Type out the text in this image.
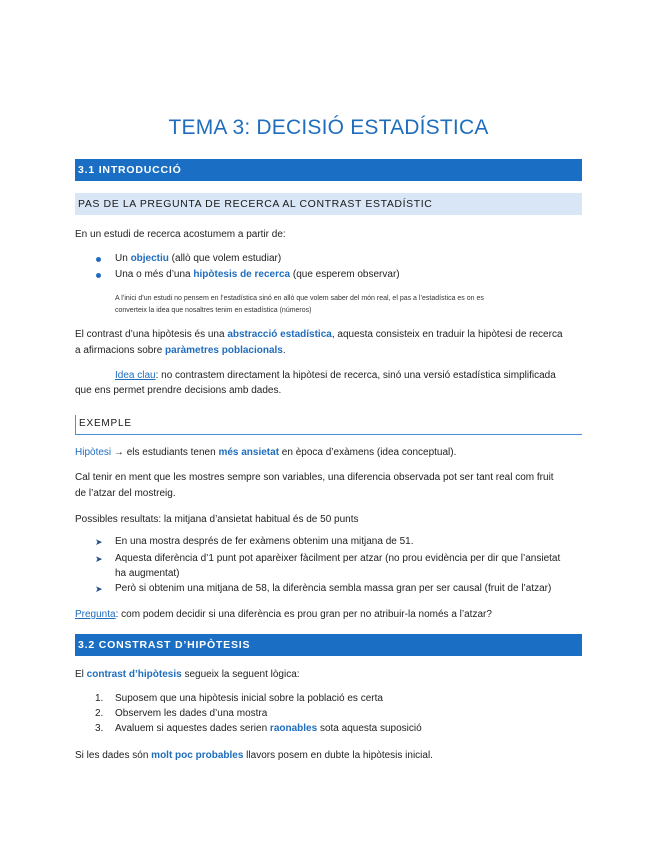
TEMA 3: DECISIÓ ESTADÍSTICA
3.1 INTRODUCCIÓ
PAS DE LA PREGUNTA DE RECERCA AL CONTRAST ESTADÍSTIC
En un estudi de recerca acostumem a partir de:
Un objectiu (allò que volem estudiar)
Una o més d’una hipòtesis de recerca (que esperem observar)
A l’inici d’un estudi no pensem en l’estadística sinó en allò que volem saber del món real, el pas a l’estadística es on es
converteix la idea que nosaltres tenim en estadística (números)
El contrast d’una hipòtesis és una abstracció estadística, aquesta consisteix en traduir la hipòtesi de recerca
a afirmacions sobre paràmetres poblacionals.
Idea clau: no contrastem directament la hipòtesi de recerca, sinó una versió estadística simplificada
que ens permet prendre decisions amb dades.
EXEMPLE
Hipòtesi → els estudiants tenen més ansietat en època d’exàmens (idea conceptual).
Cal tenir en ment que les mostres sempre son variables, una diferencia observada pot ser tant real com fruit
de l’atzar del mostreig.
Possibles resultats: la mitjana d’ansietat habitual és de 50 punts
➤ En una mostra després de fer exàmens obtenim una mitjana de 51.
➤ Aquesta diferència d’1 punt pot aparèixer fàcilment per atzar (no prou evidència per dir que l’ansietat
ha augmentat)
➤ Però si obtenim una mitjana de 58, la diferència sembla massa gran per ser causal (fruit de l’atzar)
Pregunta: com podem decidir si una diferència es prou gran per no atribuir-la només a l’atzar?
3.2 CONSTRAST D’HIPÒTESIS
El contrast d’hipòtesis segueix la seguent lògica:
1. Suposem que una hipòtesis inicial sobre la població es certa
2. Observem les dades d’una mostra
3. Avaluem si aquestes dades serien raonables sota aquesta suposició
Si les dades són molt poc probables llavors posem en dubte la hipòtesis inicial.
